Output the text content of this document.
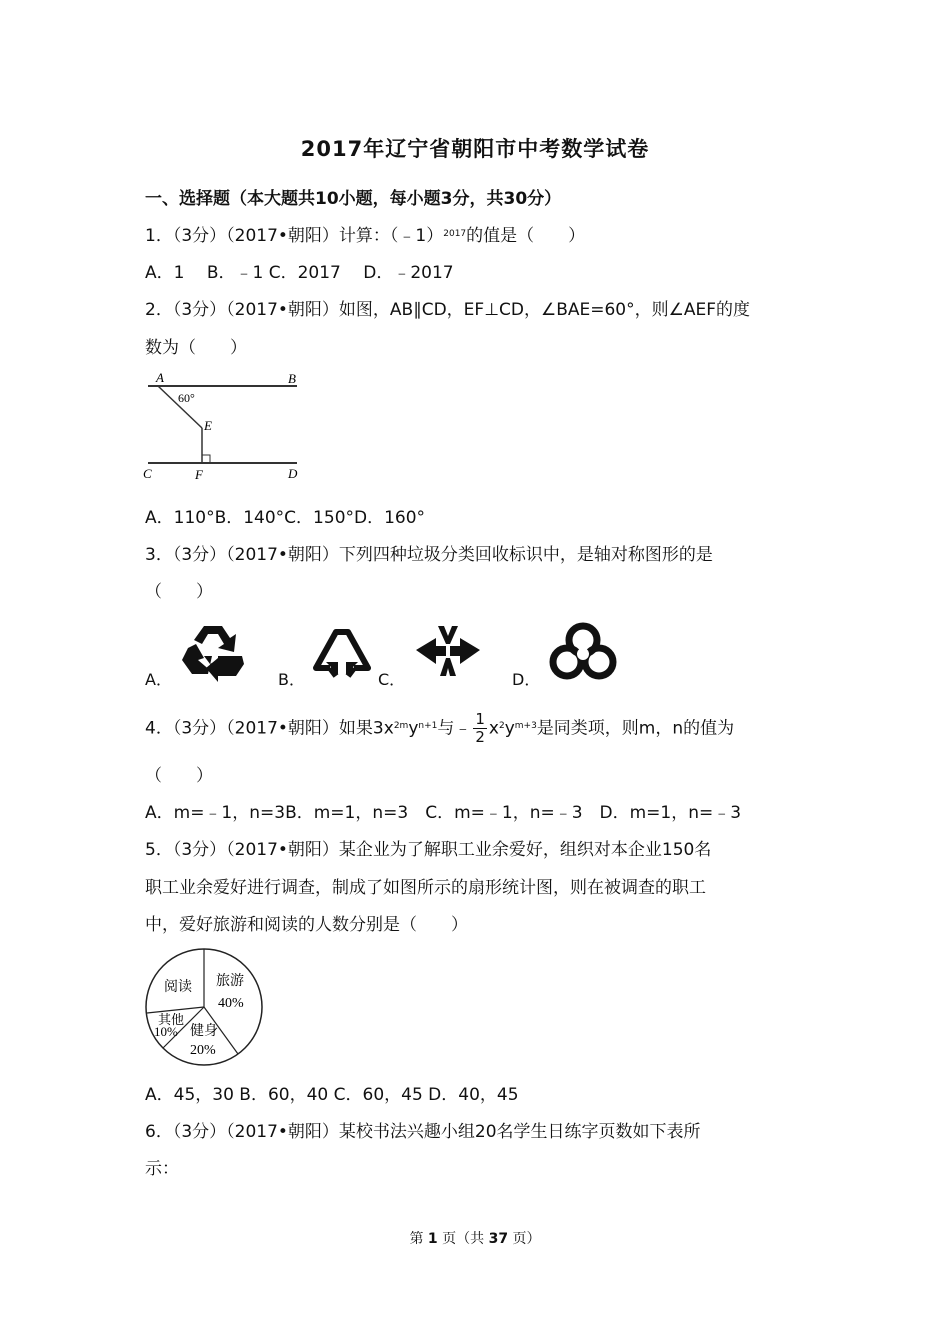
2017年辽宁省朝阳市中考数学试卷
一、选择题（本大题共10小题，每小题3分，共30分）
1．（3分）（2017•朝阳）计算：（﹣1）$^{2017}$的值是（　　）
A．1　 B．﹣1 C．2017　 D．﹣2017
2．（3分）（2017•朝阳）如图，AB∥CD，EF⊥CD，∠BAE=60°，则∠AEF的度
数为（　　）
A	B
C	D
E
F
60°
A．110°B．140°C．150°D．160°
3．（3分）（2017•朝阳）下列四种垃圾分类回收标识中，是轴对称图形的是
（　　）
A．	B．	C．	D．
4．（3分）（2017•朝阳）如果$3x^{2m}y^{n+1}$与﹣ $\frac{1}{2} x^2y^{m+3}$是同类项，则m，n的值为
（　　）
A．m=﹣1，n=3B．m=1，n=3　C．m=﹣1，n=﹣3　D．m=1，n=﹣3
5．（3分）（2017•朝阳）某企业为了解职工业余爱好，组织对本企业150名
职工业余爱好进行调查，制成了如图所示的扇形统计图，则在被调查的职工
中，爱好旅游和阅读的人数分别是（　　）
阅读 旅游
40%
其他
10% 健身
20%
A．45，30 B．60，40 C．60，45 D．40，45
6．（3分）（2017•朝阳）某校书法兴趣小组20名学生日练字页数如下表所
示：
第 1 页（共 37 页）
